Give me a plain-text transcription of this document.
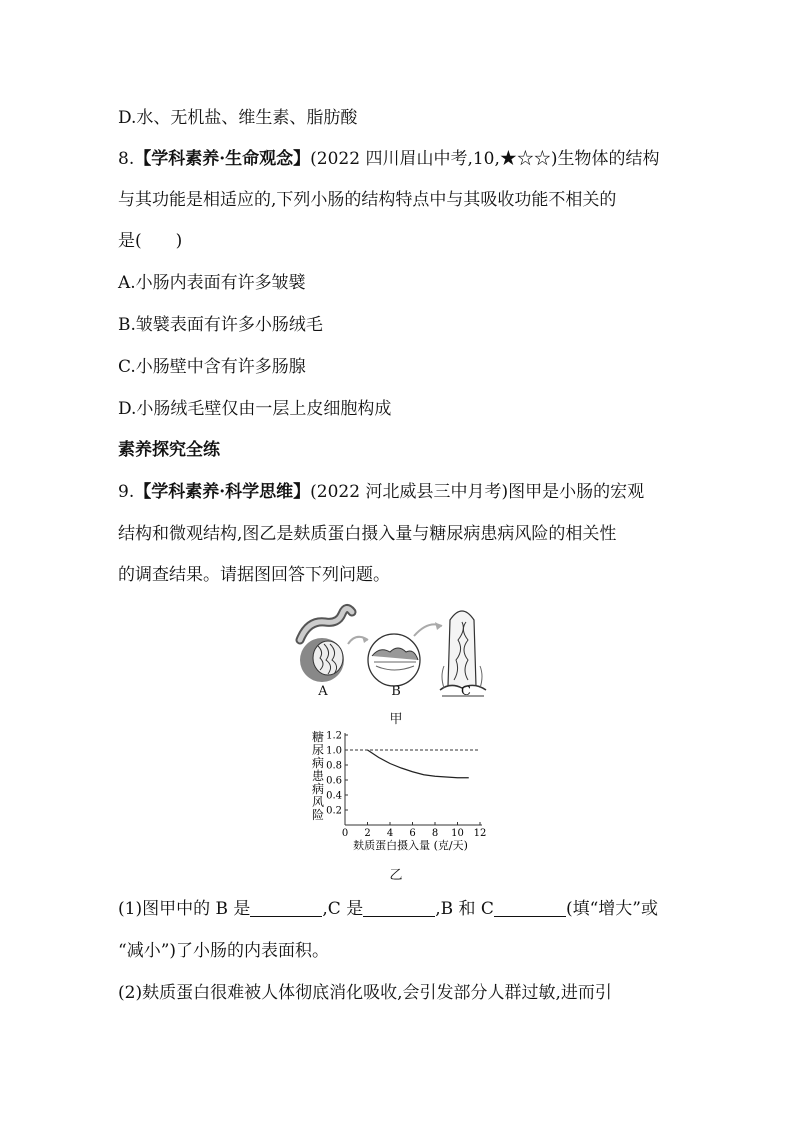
D.水、无机盐、维生素、脂肪酸
8.【学科素养·生命观念】(2022 四川眉山中考,10,★☆☆)生物体的结构
与其功能是相适应的,下列小肠的结构特点中与其吸收功能不相关的
是(　　)
A.小肠内表面有许多皱襞
B.皱襞表面有许多小肠绒毛
C.小肠壁中含有许多肠腺
D.小肠绒毛壁仅由一层上皮细胞构成
素养探究全练
9.【学科素养·科学思维】(2022 河北威县三中月考)图甲是小肠的宏观
结构和微观结构,图乙是麸质蛋白摄入量与糖尿病患病风险的相关性
的调查结果。请据图回答下列问题。
A	B	C
甲
0 2 4 6 8 10 12
0.2
0.4
0.6
0.8
1.0
1.2
糖
尿
病
患
病
风
险
麸质蛋白摄入量 (克/天)
乙
(1)图甲中的 B 是	,C 是	,B 和 C	(填“增大”或
“减小”)了小肠的内表面积。
(2)麸质蛋白很难被人体彻底消化吸收,会引发部分人群过敏,进而引
